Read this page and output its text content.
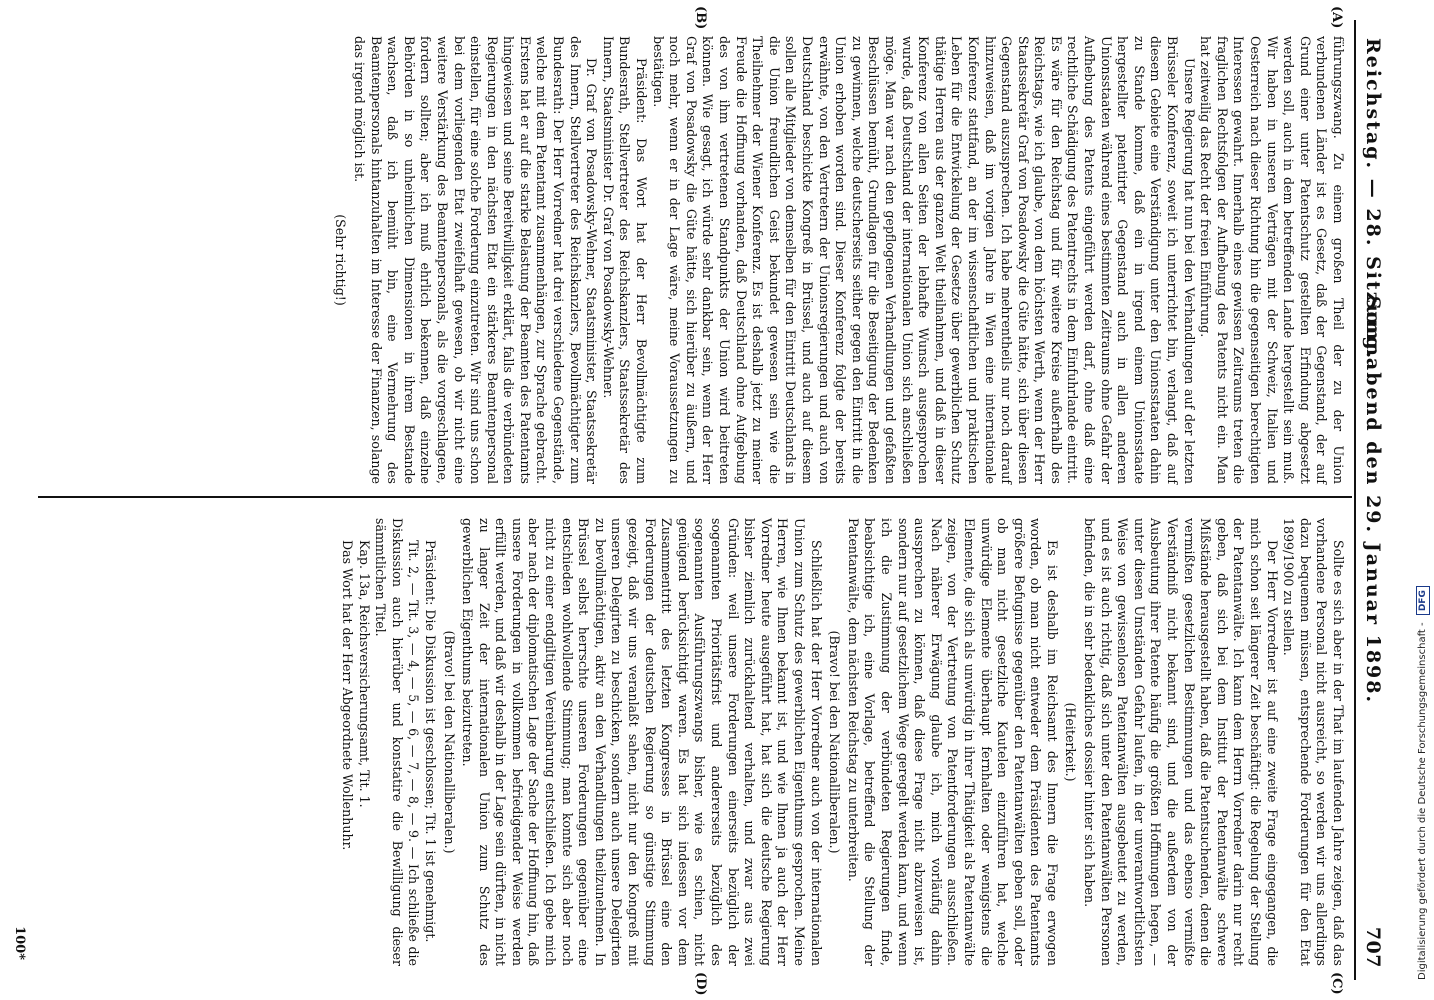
Reichstag. — 28. Sitzung.
Sonnabend den 29. Januar 1898.
707
(A)
(B)
(C)
(D)

führungszwang. Zu einem großen Theil der zu der Union verbundenen Länder ist es Gesetz, daß der Gegenstand, der auf Grund einer unter Patentschutz gestellten Erfindung abgesetzt werden soll, auch in dem betreffenden Lande hergestellt sein muß. Wir haben in unseren Verträgen mit der Schweiz, Italien und Oesterreich nach dieser Richtung hin die gegenseitigen berechtigten Interessen gewahrt. Innerhalb eines gewissen Zeitraums treten die fraglichen Rechtsfolgen der Aufhebung des Patents nicht ein. Man hat zeitweilig das Recht der freien Einführung.

Unsere Regierung hat nun bei den Verhandlungen auf der letzten Brüsseler Konferenz, soweit ich unterrichtet bin, verlangt, daß auf diesem Gebiete eine Verständigung unter den Unionsstaaten dahin zu Stande komme, daß ein in irgend einem Unionsstaate hergestellter patentirter Gegenstand auch in allen anderen Unionsstaaten während eines bestimmten Zeitraums ohne Gefahr der Aufhebung des Patents eingeführt werden darf, ohne daß eine rechtliche Schädigung des Patentrechts in dem Einfuhrlande eintritt. Es wäre für den Reichstag und für weitere Kreise außerhalb des Reichstags, wie ich glaube, von dem höchsten Werth, wenn der Herr Staatssekretär Graf von Posadowsky die Güte hätte, sich über diesen Gegenstand auszusprechen. Ich habe mehrentheils nur noch darauf hinzuweisen, daß im vorigen Jahre in Wien eine internationale Konferenz stattfand, an der im wissenschaftlichen und praktischen Leben für die Entwickelung der Gesetze über gewerblichen Schutz thätige Herren aus der ganzen Welt theilnahmen, und daß in dieser Konferenz von allen Seiten der lebhafte Wunsch ausgesprochen wurde, daß Deutschland der internationalen Union sich anschließen möge. Man war nach den gepflogenen Verhandlungen und gefaßten Beschlüssen bemüht, Grundlagen für die Beseitigung der Bedenken zu gewinnen, welche deutscherseits seither gegen den Eintritt in die Union erhoben worden sind. Dieser Konferenz folgte der bereits erwähnte, von den Vertretern der Unionsregierungen und auch von Deutschland beschickte Kongreß in Brüssel, und auch auf diesem sollen alle Mitglieder von demselben für den Eintritt Deutschlands in die Union freundlichen Geist bekundet gewesen sein wie die Theilnehmer der Wiener Konferenz. Es ist deshalb jetzt zu meiner Freude die Hoffnung vorhanden, daß Deutschland ohne Aufgebung des von ihm vertretenen Standpunkts der Union wird beitreten können. Wie gesagt, ich würde sehr dankbar sein, wenn der Herr Graf von Posadowsky die Güte hätte, sich hierüber zu äußern, und noch mehr, wenn er in der Lage wäre, meine Voraussetzungen zu bestätigen.

Präsident: Das Wort hat der Herr Bevollmächtigte zum Bundesrath, Stellvertreter des Reichskanzlers, Staatssekretär des Innern, Staatsminister Dr. Graf von Posadowsky-Wehner.

Dr. Graf von Posadowsky-Wehner, Staatsminister, Staatssekretär des Innern, Stellvertreter des Reichskanzlers, Bevollmächtigter zum Bundesrath: Der Herr Vorredner hat drei verschiedene Gegenstände, welche mit dem Patentamt zusammenhängen, zur Sprache gebracht. Erstens hat er auf die starke Belastung der Beamten des Patentamts hingewiesen und seine Bereitwilligkeit erklärt, falls die verbündeten Regierungen in den nächsten Etat ein stärkeres Beamtenpersonal einstellen, für eine solche Forderung einzutreten. Wir sind uns schon bei dem vorliegenden Etat zweifelhaft gewesen, ob wir nicht eine weitere Verstärkung des Beamtenpersonals, als die vorgeschlagene, fordern sollten; aber ich muß ehrlich bekennen, daß einzelne Behörden in so unheimlichen Dimensionen in ihrem Bestande wachsen, daß ich bemüht bin, eine Vermehrung des Beamtenpersonals hintanzuhalten im Interesse der Finanzen, solange das irgend möglich ist.

(Sehr richtig!)

Sollte es sich aber in der That im laufenden Jahre zeigen, daß das vorhandene Personal nicht ausreicht, so werden wir uns allerdings dazu bequemen müssen, entsprechende Forderungen für den Etat 1899/1900 zu stellen.

Der Herr Vorredner ist auf eine zweite Frage eingegangen, die mich schon seit längerer Zeit beschäftigt: die Regelung der Stellung der Patentanwälte. Ich kann dem Herrn Vorredner darin nur recht geben, daß sich bei dem Institut der Patentanwälte schwere Mißstände herausgestellt haben, daß die Patentsuchenden, denen die vermißten gesetzlichen Bestimmungen und das ebenso vermißte Verständniß nicht bekannt sind, und die außerdem von der Ausbeutung ihrer Patente häufig die größten Hoffnungen hegen, — unter diesen Umständen Gefahr laufen, in der unverantwortlichsten Weise von gewissenlosen Patentanwälten ausgebeutet zu werden, und es ist auch richtig, daß sich unter den Patentanwälten Personen befinden, die in sehr bedenkliches dossier hinter sich haben.

(Heiterkeit.)

Es ist deshalb im Reichsamt des Innern die Frage erwogen worden, ob man nicht entweder dem Präsidenten des Patentamts größere Befugnisse gegenüber den Patentanwälten geben soll, oder ob man nicht gesetzliche Kautelen einzuführen hat, welche unwürdige Elemente überhaupt fernhalten oder wenigstens die Elemente, die sich als unwürdig in ihrer Thätigkeit als Patentanwälte zeigen, von der Vertretung von Patentforderungen ausschließen. Nach näherer Erwägung glaube ich, mich vorläufig dahin aussprechen zu können, daß diese Frage nicht abzuweisen ist, sondern nur auf gesetzlichem Wege geregelt werden kann, und wenn ich die Zustimmung der verbündeten Regierungen finde, beabsichtige ich, eine Vorlage, betreffend die Stellung der Patentanwälte, dem nächsten Reichstag zu unterbreiten.

(Bravo! bei den Nationalliberalen.)

Schließlich hat der Herr Vorredner auch von der internationalen Union zum Schutz des gewerblichen Eigenthums gesprochen. Meine Herren, wie Ihnen bekannt ist, und wie Ihnen ja auch der Herr Vorredner heute ausgeführt hat, hat sich die deutsche Regierung bisher ziemlich zurückhaltend verhalten, und zwar aus zwei Gründen: weil unsere Forderungen einerseits bezüglich der sogenannten Prioritätsfrist und andererseits bezüglich des sogenannten Ausführungszwangs bisher, wie es schien, nicht genügend berücksichtigt waren. Es hat sich indessen vor dem Zusammentritt des letzten Kongresses in Brüssel eine den Forderungen der deutschen Regierung so günstige Stimmung gezeigt, daß wir uns veranlaßt sahen, nicht nur den Kongreß mit unseren Delegirten zu beschicken, sondern auch unsere Delegirten zu bevollmächtigen, aktiv an den Verhandlungen theilzunehmen. In Brüssel selbst herrschte unseren Forderungen gegenüber eine entschieden wohlwollende Stimmung; man konnte sich aber noch nicht zu einer endgiltigen Vereinbarung entschließen. Ich gebe mich aber nach der diplomatischen Lage der Sache der Hoffnung hin, daß unsere Forderungen in vollkommen befriedigender Weise werden erfüllt werden, und daß wir deshalb in der Lage sein dürften, in nicht zu langer Zeit der internationalen Union zum Schutz des gewerblichen Eigenthums beizutreten.

(Bravo! bei den Nationalliberalen.)

Präsident: Die Diskussion ist geschlossen; Tit. 1 ist genehmigt.

Tit. 2, — Tit. 3, — 4, — 5, — 6, — 7, — 8, — 9. — Ich schließe die Diskussion auch hierüber und konstatire die Bewilligung dieser sämmtlichen Titel.

Kap. 13a, Reichsversicherungsamt, Tit. 1.

Das Wort hat der Herr Abgeordnete Wollenhuhr.

100*	Digitalisierung gefördert durch die Deutsche Forschungsgemeinschaft - DFG
